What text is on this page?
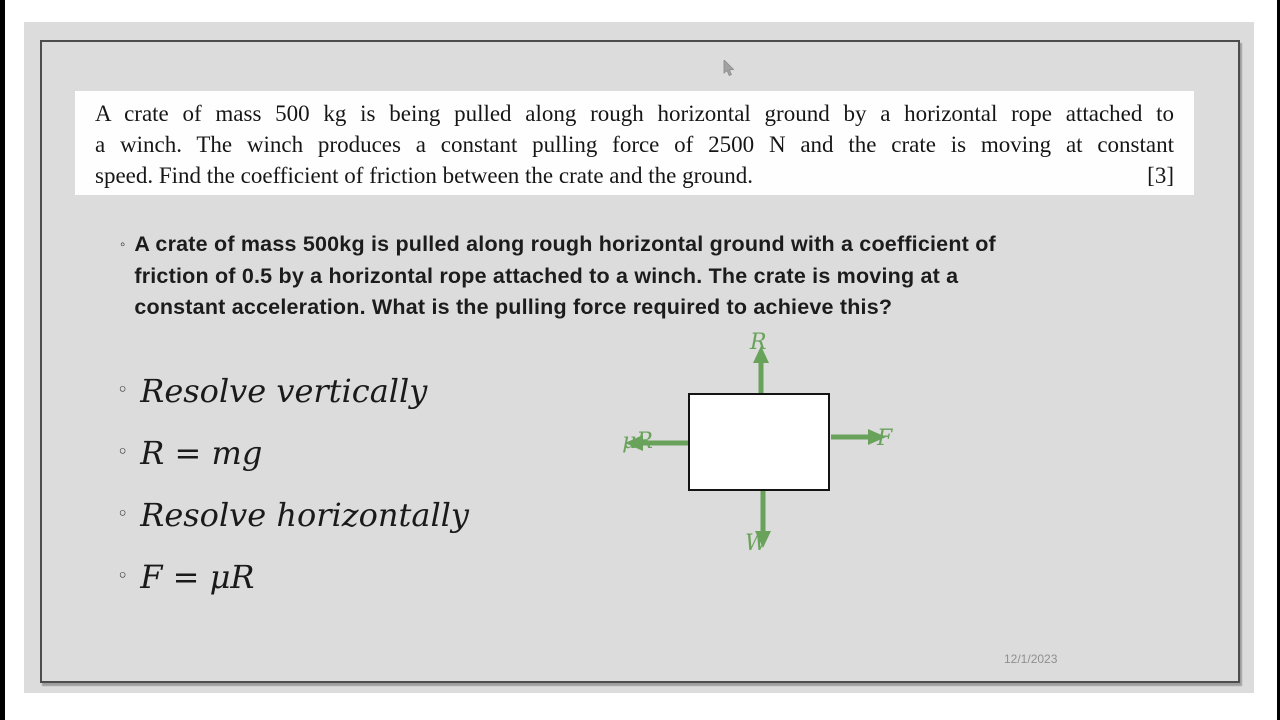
A crate of mass 500 kg is being pulled along rough horizontal ground by a horizontal rope attached to
a winch. The winch produces a constant pulling force of 2500 N and the crate is moving at constant
[3]
speed. Find the coefficient of friction between the crate and the ground.
◦ A crate of mass 500kg is pulled along rough horizontal ground with a coefficient of
friction of 0.5 by a horizontal rope attached to a winch. The crate is moving at a
constant acceleration. What is the pulling force required to achieve this?
◦ Resolve vertically
◦ R = mg
◦ Resolve horizontally
◦ F = μR
R
W
F
μR
12/1/2023
